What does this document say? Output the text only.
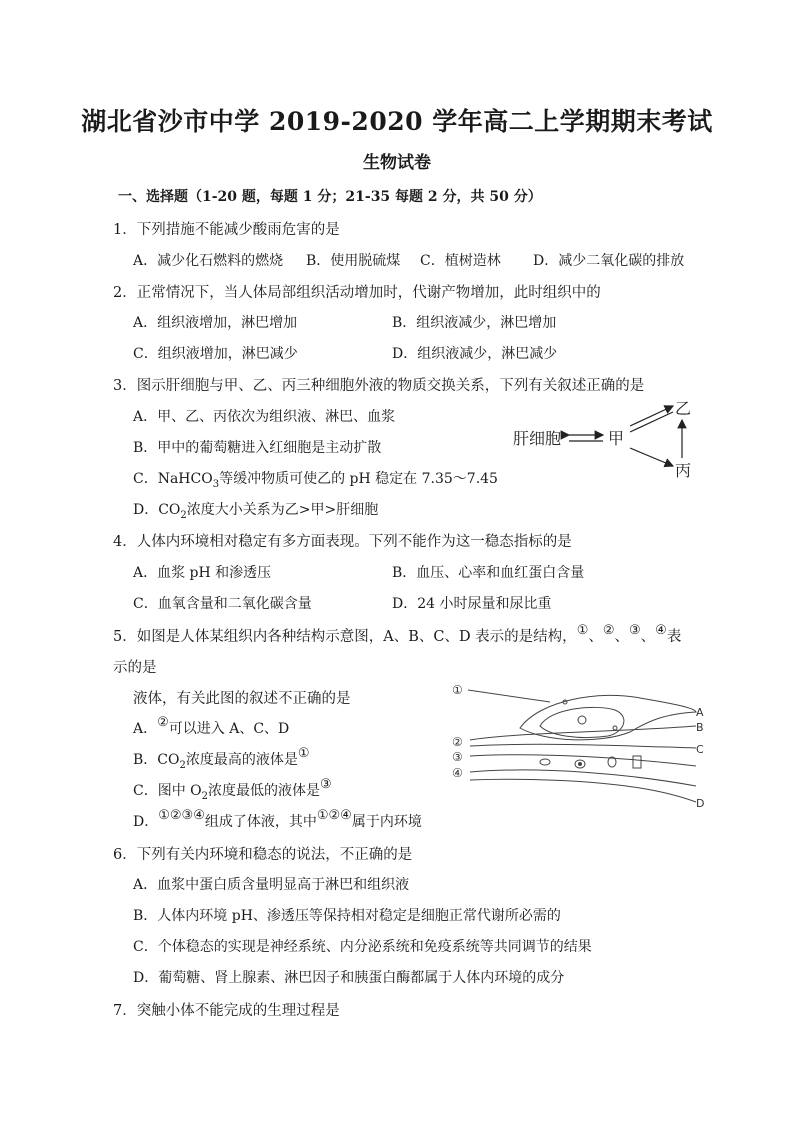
湖北省沙市中学 2019-2020 学年高二上学期期末考试
生物试卷
一、选择题（1-20 题，每题 1 分；21-35 每题 2 分，共 50 分）
1．下列措施不能减少酸雨危害的是
A．减少化石燃料的燃烧 B．使用脱硫煤 C．植树造林 D．减少二氧化碳的排放
2．正常情况下，当人体局部组织活动增加时，代谢产物增加，此时组织中的
A．组织液增加，淋巴增加	B．组织液减少，淋巴增加
C．组织液增加，淋巴减少	D．组织液减少，淋巴减少
3．图示肝细胞与甲、乙、丙三种细胞外液的物质交换关系，下列有关叙述正确的是
A．甲、乙、丙依次为组织液、淋巴、血浆
B．甲中的葡萄糖进入红细胞是主动扩散
C．NaHCO$_3$等缓冲物质可使乙的 pH 稳定在 7.35～7.45
D．$CO_2$浓度大小关系为乙>甲>肝细胞
肝细胞	甲
乙
丙
4．人体内环境相对稳定有多方面表现。下列不能作为这一稳态指标的是
A．血浆 pH 和渗透压	B．血压、心率和血红蛋白含量
C．血氧含量和二氧化碳含量	D．24 小时尿量和尿比重
5．如图是人体某组织内各种结构示意图，A、B、C、D 表示的是结构，①、②、③、④表
示的是
液体，有关此图的叙述不正确的是
A．②可以进入 A、C、D
B．$CO_2$浓度最高的液体是①
C．图中 $O_2$浓度最低的液体是③
D．①②③④组成了体液，其中①②④属于内环境
①
②
③
④
A
B
C
D
6．下列有关内环境和稳态的说法，不正确的是
A．血浆中蛋白质含量明显高于淋巴和组织液
B．人体内环境 pH、渗透压等保持相对稳定是细胞正常代谢所必需的
C．个体稳态的实现是神经系统、内分泌系统和免疫系统等共同调节的结果
D．葡萄糖、肾上腺素、淋巴因子和胰蛋白酶都属于人体内环境的成分
7．突触小体不能完成的生理过程是
